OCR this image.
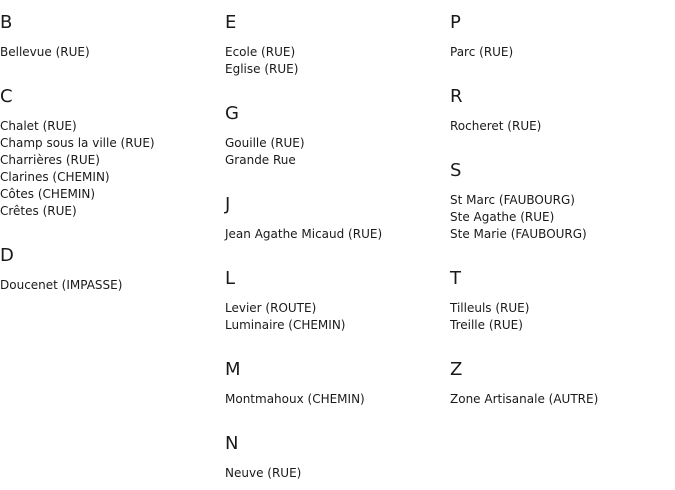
B
Bellevue (RUE)
C
Chalet (RUE)
Champ sous la ville (RUE)
Charrières (RUE)
Clarines (CHEMIN)
Côtes (CHEMIN)
Crêtes (RUE)
D
Doucenet (IMPASSE)
E
Ecole (RUE)
Eglise (RUE)
G
Gouille (RUE)
Grande Rue
J
Jean Agathe Micaud (RUE)
L
Levier (ROUTE)
Luminaire (CHEMIN)
M
Montmahoux (CHEMIN)
N
Neuve (RUE)
P
Parc (RUE)
R
Rocheret (RUE)
S
St Marc (FAUBOURG)
Ste Agathe (RUE)
Ste Marie (FAUBOURG)
T
Tilleuls (RUE)
Treille (RUE)
Z
Zone Artisanale (AUTRE)
